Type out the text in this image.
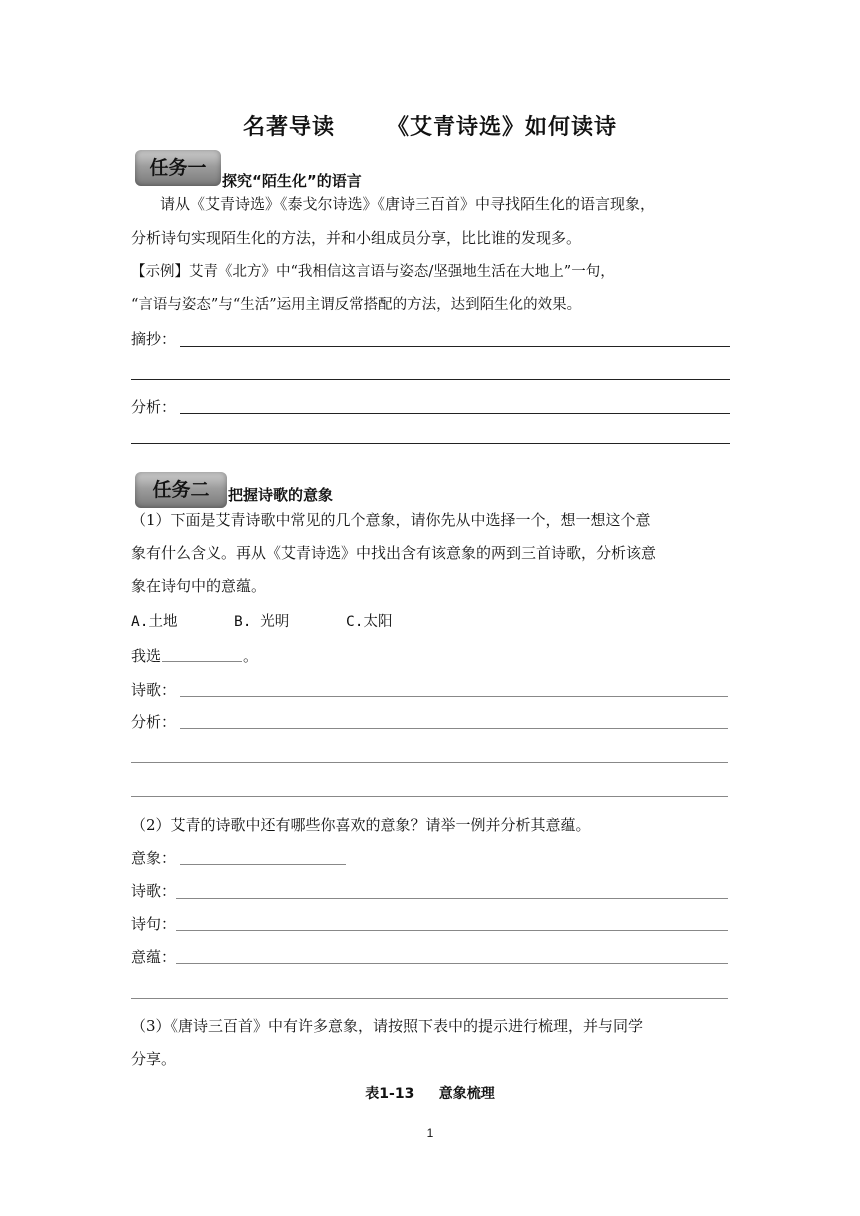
名著导读      《艾青诗选》如何读诗
任务一
探究“陌生化”的语言
请从《艾青诗选》《泰戈尔诗选》《唐诗三百首》中寻找陌生化的语言现象，
分析诗句实现陌生化的方法，并和小组成员分享，比比谁的发现多。
【示例】艾青《北方》中“我相信这言语与姿态/坚强地生活在大地上”一句，
“言语与姿态”与“生活”运用主谓反常搭配的方法，达到陌生化的效果。
摘抄：
分析：
任务二	把握诗歌的意象
（1）下面是艾青诗歌中常见的几个意象，请你先从中选择一个，想一想这个意
象有什么含义。再从《艾青诗选》中找出含有该意象的两到三首诗歌，分析该意
象在诗句中的意蕴。
A.土地	B. 光明	C.太阳
我选	。
诗歌：
分析：
（2）艾青的诗歌中还有哪些你喜欢的意象？请举一例并分析其意蕴。
意象：
诗歌：
诗句：
意蕴：
（3）《唐诗三百首》中有许多意象，请按照下表中的提示进行梳理，并与同学
分享。
表1-13     意象梳理
1
